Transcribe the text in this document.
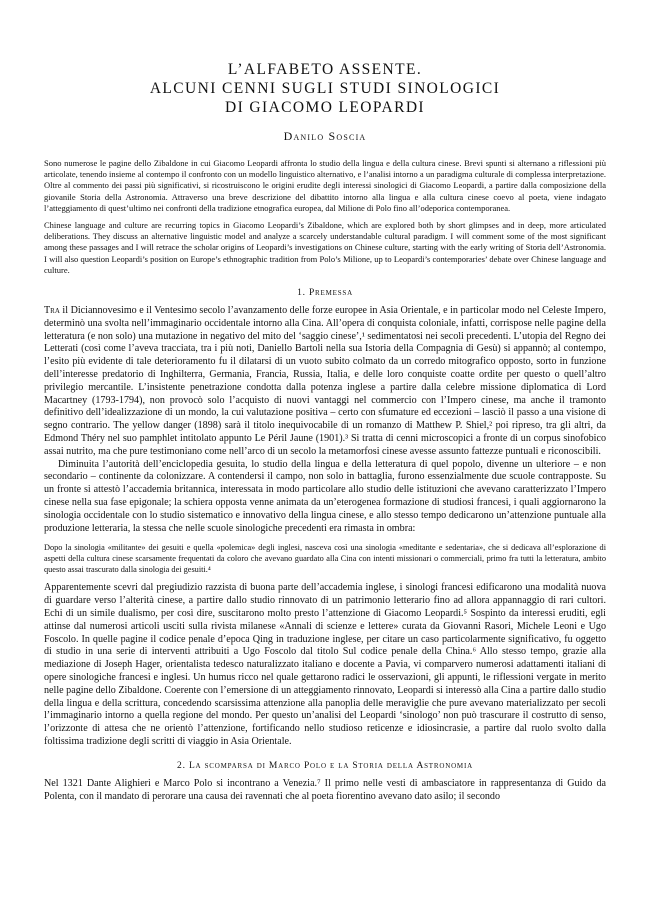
L’ALFABETO ASSENTE.
ALCUNI CENNI SUGLI STUDI SINOLOGICI
DI GIACOMO LEOPARDI
Danilo Soscia

Sono numerose le pagine dello Zibaldone in cui Giacomo Leopardi affronta lo studio della lingua e della cultura cinese. Brevi spunti si alternano a riflessioni più articolate, tenendo insieme al contempo il confronto con un modello linguistico alternativo, e l’analisi intorno a un paradigma culturale di complessa interpretazione. Oltre al commento dei passi più significativi, si ricostruiscono le origini erudite degli interessi sinologici di Giacomo Leopardi, a partire dalla composizione della giovanile Storia della Astronomia. Attraverso una breve descrizione del dibattito intorno alla lingua e alla cultura cinese coevo al poeta, viene indagato l’atteggiamento di quest’ultimo nei confronti della tradizione etnografica europea, dal Milione di Polo fino all’odeporica contemporanea.

Chinese language and culture are recurring topics in Giacomo Leopardi’s Zibaldone, which are explored both by short glimpses and in deep, more articulated deliberations. They discuss an alternative linguistic model and analyze a scarcely understandable cultural paradigm. I will comment some of the most significant among these passages and I will retrace the scholar origins of Leopardi’s investigations on Chinese culture, starting with the early writing of Storia dell’Astronomia. I will also question Leopardi’s position on Europe’s ethnographic tradition from Polo’s Milione, up to Leopardi’s contemporaries’ debate over Chinese language and culture.

1. Premessa

Tra il Diciannovesimo e il Ventesimo secolo l’avanzamento delle forze europee in Asia Orientale, e in particolar modo nel Celeste Impero, determinò una svolta nell’immaginario occidentale intorno alla Cina. All’opera di conquista coloniale, infatti, corrispose nelle pagine della letteratura (e non solo) una mutazione in negativo del mito del ‘saggio cinese’,¹ sedimentatosi nei secoli precedenti. L’utopia del Regno dei Letterati (così come l’aveva tracciata, tra i più noti, Daniello Bartoli nella sua Istoria della Compagnia di Gesù) si appannò; al contempo, l’esito più evidente di tale deterioramento fu il dilatarsi di un vuoto subito colmato da un corredo mitografico opposto, sorto in funzione dell’interesse predatorio di Inghilterra, Germania, Francia, Russia, Italia, e delle loro conquiste coatte ordite per questo o quell’altro privilegio mercantile. L’insistente penetrazione condotta dalla potenza inglese a partire dalla celebre missione diplomatica di Lord Macartney (1793-1794), non provocò solo l’acquisto di nuovi vantaggi nel commercio con l’Impero cinese, ma anche il tramonto definitivo dell’idealizzazione di un mondo, la cui valutazione positiva – certo con sfumature ed eccezioni – lasciò il passo a una visione di segno contrario. The yellow danger (1898) sarà il titolo inequivocabile di un romanzo di Matthew P. Shiel,² poi ripreso, tra gli altri, da Edmond Théry nel suo pamphlet intitolato appunto Le Péril Jaune (1901).³ Si tratta di cenni microscopici a fronte di un corpus sinofobico assai nutrito, ma che pure testimoniano come nell’arco di un secolo la metamorfosi cinese avesse assunto fattezze puntuali e riconoscibili.

Diminuita l’autorità dell’enciclopedia gesuita, lo studio della lingua e della letteratura di quel popolo, divenne un ulteriore – e non secondario – continente da colonizzare. A contendersi il campo, non solo in battaglia, furono essenzialmente due scuole contrapposte. Su un fronte si attestò l’accademia britannica, interessata in modo particolare allo studio delle istituzioni che avevano caratterizzato l’Impero cinese nella sua fase epigonale; la schiera opposta venne animata da un’eterogenea formazione di studiosi francesi, i quali aggiornarono la sinologia occidentale con lo studio sistematico e innovativo della lingua cinese, e allo stesso tempo dedicarono un’attenzione puntuale alla produzione letteraria, la stessa che nelle scuole sinologiche precedenti era rimasta in ombra:

Dopo la sinologia «militante» dei gesuiti e quella «polemica» degli inglesi, nasceva così una sinologia «meditante e sedentaria», che si dedicava all’esplorazione di aspetti della cultura cinese scarsamente frequentati da coloro che avevano guardato alla Cina con intenti missionari o commerciali, primo fra tutti la letteratura, ambito questo assai trascurato dalla sinologia dei gesuiti.⁴

Apparentemente scevri dal pregiudizio razzista di buona parte dell’accademia inglese, i sinologi francesi edificarono una modalità nuova di guardare verso l’alterità cinese, a partire dallo studio rinnovato di un patrimonio letterario fino ad allora appannaggio di rari cultori. Echi di un simile dualismo, per così dire, suscitarono molto presto l’attenzione di Giacomo Leopardi.⁵ Sospinto da interessi eruditi, egli attinse dal numerosi articoli usciti sulla rivista milanese «Annali di scienze e lettere» curata da Giovanni Rasori, Michele Leoni e Ugo Foscolo. In quelle pagine il codice penale d’epoca Qing in traduzione inglese, per citare un caso particolarmente significativo, fu oggetto di studio in una serie di interventi attribuiti a Ugo Foscolo dal titolo Sul codice penale della China.⁶ Allo stesso tempo, grazie alla mediazione di Joseph Hager, orientalista tedesco naturalizzato italiano e docente a Pavia, vi comparvero numerosi adattamenti italiani di opere sinologiche francesi e inglesi. Un humus ricco nel quale gettarono radici le osservazioni, gli appunti, le riflessioni vergate in merito nelle pagine dello Zibaldone. Coerente con l’emersione di un atteggiamento rinnovato, Leopardi si interessò alla Cina a partire dallo studio della lingua e della scrittura, concedendo scarsissima attenzione alla panoplia delle meraviglie che pure avevano materializzato per secoli l’immaginario intorno a quella regione del mondo. Per questo un’analisi del Leopardi ‘sinologo’ non può trascurare il costrutto di senso, l’orizzonte di attesa che ne orientò l’attenzione, fortificando nello studioso reticenze e idiosincrasie, a partire dal ruolo svolto dalla foltissima tradizione degli scritti di viaggio in Asia Orientale.

2. La scomparsa di Marco Polo e la Storia della Astronomia

Nel 1321 Dante Alighieri e Marco Polo si incontrano a Venezia.⁷ Il primo nelle vesti di ambasciatore in rappresentanza di Guido da Polenta, con il mandato di perorare una causa dei ravennati che al poeta fiorentino avevano dato asilo; il secondo
